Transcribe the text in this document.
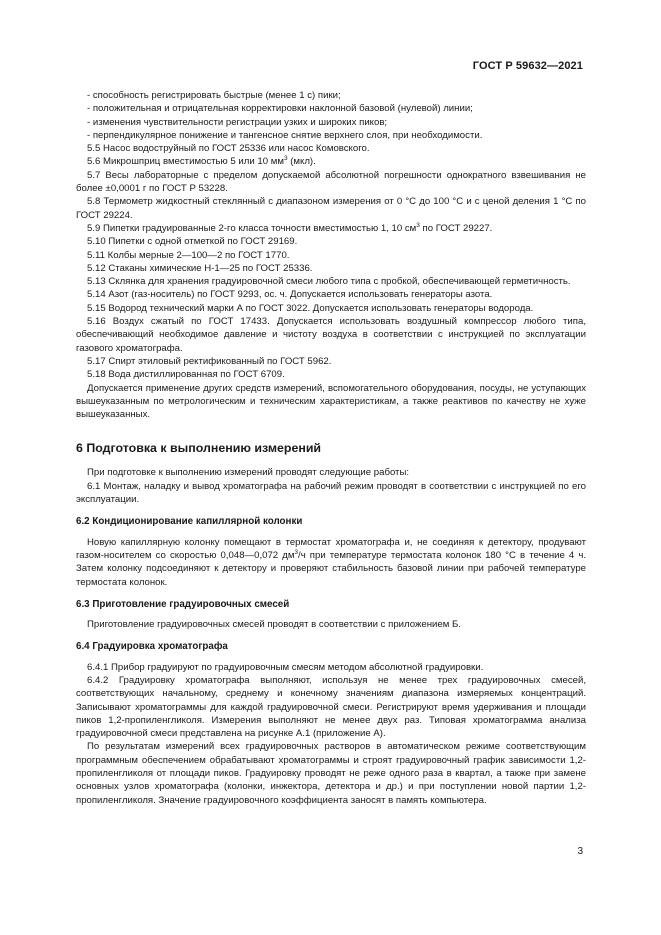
ГОСТ Р 59632—2021

- способность регистрировать быстрые (менее 1 с) пики;

- положительная и отрицательная корректировки наклонной базовой (нулевой) линии;

- изменения чувствительности регистрации узких и широких пиков;

- перпендикулярное понижение и тангенсное снятие верхнего слоя, при необходимости.

5.5 Насос водоструйный по ГОСТ 25336 или насос Комовского.

5.6 Микрошприц вместимостью 5 или 10 $мм^3$ (мкл).

5.7 Весы лабораторные с пределом допускаемой абсолютной погрешности однократного взвешивания не более ±0,0001 г по ГОСТ Р 53228.

5.8 Термометр жидкостный стеклянный с диапазоном измерения от 0 °С до 100 °С и с ценой деления 1 °С по ГОСТ 29224.

5.9 Пипетки градуированные 2-го класса точности вместимостью 1, 10 $см^3$ по ГОСТ 29227.

5.10 Пипетки с одной отметкой по ГОСТ 29169.

5.11 Колбы мерные 2—100—2 по ГОСТ 1770.

5.12 Стаканы химические Н-1—25 по ГОСТ 25336.

5.13 Склянка для хранения градуировочной смеси любого типа с пробкой, обеспечивающей герметичность.

5.14 Азот (газ-носитель) по ГОСТ 9293, ос. ч. Допускается использовать генераторы азота.

5.15 Водород технический марки А по ГОСТ 3022. Допускается использовать генераторы водорода.

5.16 Воздух сжатый по ГОСТ 17433. Допускается использовать воздушный компрессор любого типа, обеспечивающий необходимое давление и чистоту воздуха в соответствии с инструкцией по эксплуатации газового хроматографа.

5.17 Спирт этиловый ректификованный по ГОСТ 5962.

5.18 Вода дистиллированная по ГОСТ 6709.

Допускается применение других средств измерений, вспомогательного оборудования, посуды, не уступающих вышеуказанным по метрологическим и техническим характеристикам, а также реактивов по качеству не хуже вышеуказанных.

6 Подготовка к выполнению измерений

При подготовке к выполнению измерений проводят следующие работы:

6.1 Монтаж, наладку и вывод хроматографа на рабочий режим проводят в соответствии с инструкцией по его эксплуатации.

6.2 Кондиционирование капиллярной колонки

Новую капиллярную колонку помещают в термостат хроматографа и, не соединяя к детектору, продувают газом-носителем со скоростью 0,048—0,072 $дм^3/ч$ при температуре термостата колонок 180 °С в течение 4 ч. Затем колонку подсоединяют к детектору и проверяют стабильность базовой линии при рабочей температуре термостата колонок.

6.3 Приготовление градуировочных смесей

Приготовление градуировочных смесей проводят в соответствии с приложением Б.

6.4 Градуировка хроматографа

6.4.1 Прибор градуируют по градуировочным смесям методом абсолютной градуировки.

6.4.2 Градуировку хроматографа выполняют, используя не менее трех градуировочных смесей, соответствующих начальному, среднему и конечному значениям диапазона измеряемых концентраций. Записывают хроматограммы для каждой градуировочной смеси. Регистрируют время удерживания и площади пиков 1,2-пропиленгликоля. Измерения выполняют не менее двух раз. Типовая хроматограмма анализа градуировочной смеси представлена на рисунке А.1 (приложение А).

По результатам измерений всех градуировочных растворов в автоматическом режиме соответствующим программным обеспечением обрабатывают хроматограммы и строят градуировочный график зависимости 1,2-пропиленгликоля от площади пиков. Градуировку проводят не реже одного раза в квартал, а также при замене основных узлов хроматографа (колонки, инжектора, детектора и др.) и при поступлении новой партии 1,2-пропиленгликоля. Значение градуировочного коэффициента заносят в память компьютера.

3
